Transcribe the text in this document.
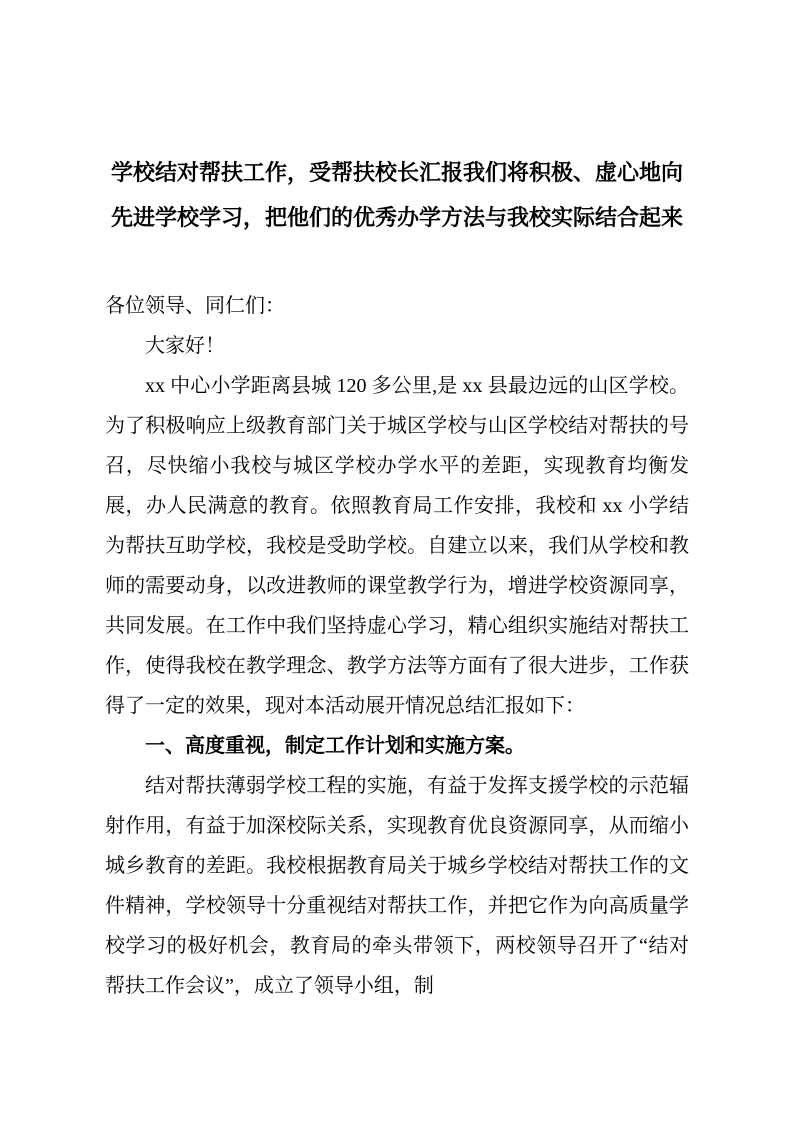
学校结对帮扶工作，受帮扶校长汇报我们将积极、虚心地向先进学校学习，把他们的优秀办学方法与我校实际结合起来

各位领导、同仁们：

大家好！

xx 中心小学距离县城 120 多公里,是 xx 县最边远的山区学校。为了积极响应上级教育部门关于城区学校与山区学校结对帮扶的号召，尽快缩小我校与城区学校办学水平的差距，实现教育均衡发展，办人民满意的教育。依照教育局工作安排，我校和 xx 小学结为帮扶互助学校，我校是受助学校。自建立以来，我们从学校和教师的需要动身，以改进教师的课堂教学行为，增进学校资源同享，共同发展。在工作中我们坚持虚心学习，精心组织实施结对帮扶工作，使得我校在教学理念、教学方法等方面有了很大进步，工作获得了一定的效果，现对本活动展开情况总结汇报如下：

一、高度重视，制定工作计划和实施方案。

结对帮扶薄弱学校工程的实施，有益于发挥支援学校的示范辐射作用，有益于加深校际关系，实现教育优良资源同享，从而缩小城乡教育的差距。我校根据教育局关于城乡学校结对帮扶工作的文件精神，学校领导十分重视结对帮扶工作，并把它作为向高质量学校学习的极好机会，教育局的牵头带领下，两校领导召开了“结对帮扶工作会议”，成立了领导小组，制
